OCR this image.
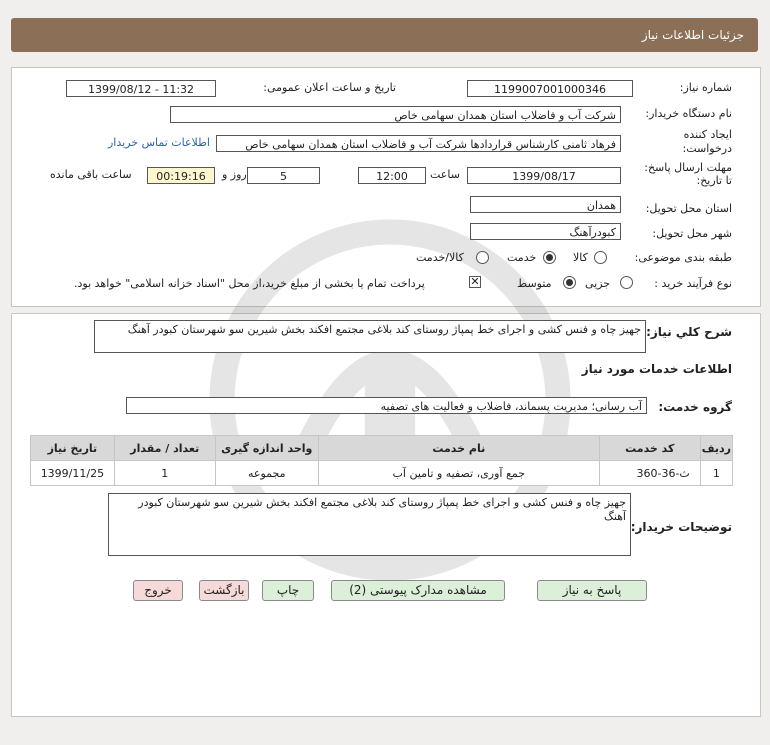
جزئیات اطلاعات نیاز
شماره نیاز:
1199007001000346
تاریخ و ساعت اعلان عمومی:
1399/08/12 - 11:32
نام دستگاه خریدار:
شرکت آب و فاضلاب استان همدان سهامی خاص
ایجاد کننده درخواست:
فرهاد ثامنی کارشناس قراردادها شرکت آب و فاضلاب استان همدان سهامی خاص
اطلاعات تماس خریدار
مهلت ارسال پاسخ: تا تاریخ:
1399/08/17
ساعت
12:00
5
روز و
00:19:16
ساعت باقی مانده
استان محل تحویل:
همدان
شهر محل تحویل:
کبودرآهنگ
طبقه بندی موضوعی:
کالا
خدمت
کالا/خدمت
نوع فرآیند خرید :
جزیی
متوسط
✕
پرداخت تمام یا بخشی از مبلغ خرید،از محل "اسناد خزانه اسلامی" خواهد بود.
شرح کلي نياز:
جهیز چاه و فنس کشی و اجرای خط پمپاژ روستای کند بلاغی مجتمع افکند بخش شیرین سو شهرستان کبودر آهنگ
اطلاعات خدمات مورد نیاز
گروه خدمت:
آب رسانی؛ مدیریت پسماند، فاضلاب و فعالیت های تصفیه
ردیف	کد خدمت	نام خدمت	واحد اندازه گیری	تعداد / مقدار	تاریخ نیاز
1	ث-36-360	جمع آوری، تصفیه و تامین آب	مجموعه	1	1399/11/25
توضیحات خریدار:
جهیز چاه و فنس کشی و اجرای خط پمپاژ روستای کند بلاغی مجتمع افکند بخش شیرین سو شهرستان کبودر آهنگ
پاسخ به نیاز
مشاهده مدارک پیوستی (2)
چاپ
بازگشت
خروج
